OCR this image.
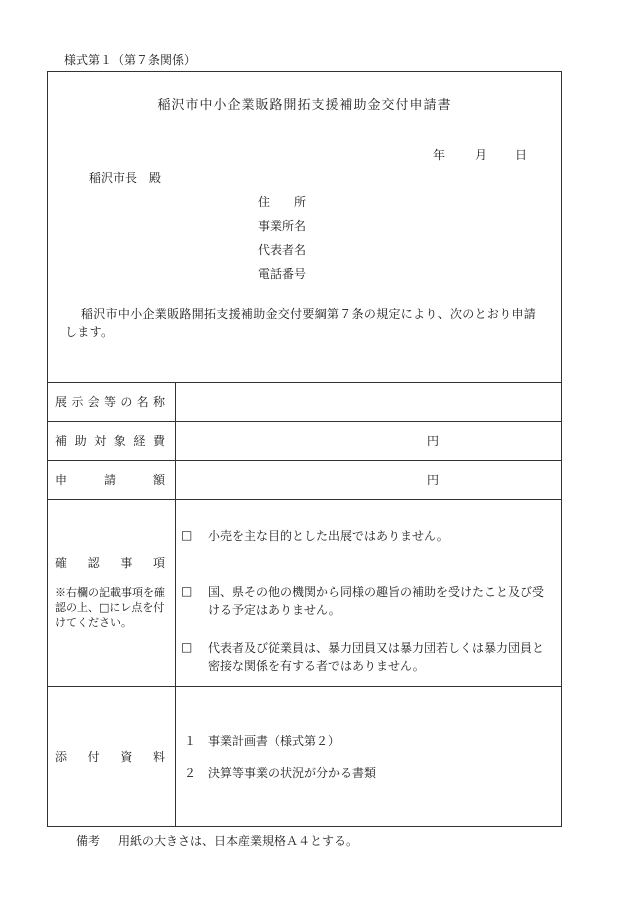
様式第１（第７条関係）
稲沢市中小企業販路開拓支援補助金交付申請書
年 月 日
稲沢市長　殿
住　　所
事業所名
代表者名
電話番号
稲沢市中小企業販路開拓支援補助金交付要綱第７条の規定により、次のとおり申請します。
展 示 会 等 の 名 称
補 助 対 象 経 費	円
申	請	額	円
確 認 事 項
※右欄の記載事項を確認の上、□にレ点を付けてください。
□ 小売を主な目的とした出展ではありません。
□ 国、県その他の機関から同様の趣旨の補助を受けたこと及び受ける予定はありません。
□ 代表者及び従業員は、暴力団員又は暴力団若しくは暴力団員と密接な関係を有する者ではありません。
添 付 資 料
１ 事業計画書（様式第２）
２ 決算等事業の状況が分かる書類
備考 用紙の大きさは、日本産業規格Ａ４とする。
